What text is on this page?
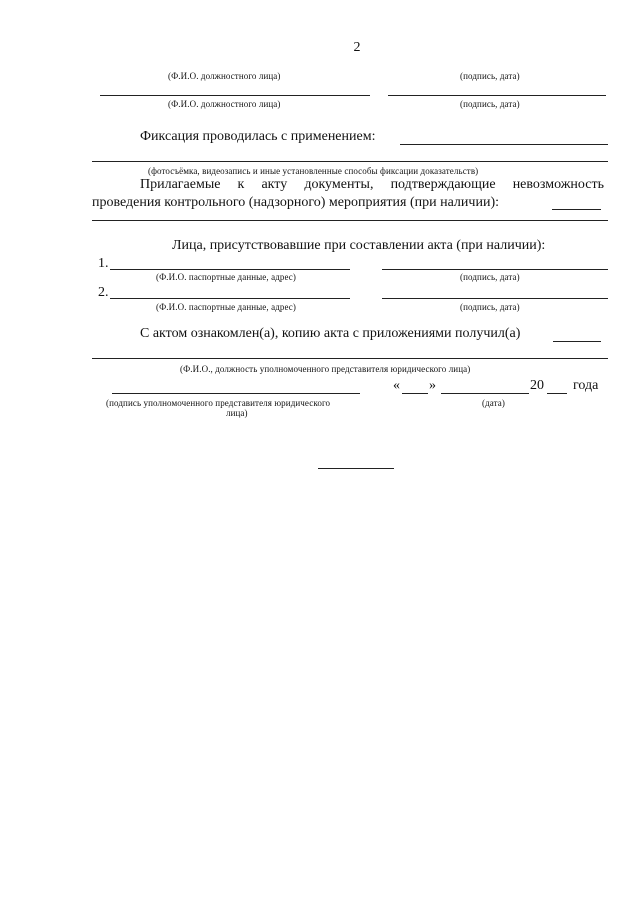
2
(Ф.И.О. должностного лица)	(подпись, дата)
(Ф.И.О. должностного лица)	(подпись, дата)
Фиксация проводилась с применением:
(фотосъёмка, видеозапись и иные установленные способы фиксации доказательств)
Прилагаемые к акту документы, подтверждающие невозможность
проведения контрольного (надзорного) мероприятия (при наличии):
Лица, присутствовавшие при составлении акта (при наличии):
1.
(Ф.И.О. паспортные данные, адрес)	(подпись, дата)
2.
(Ф.И.О. паспортные данные, адрес)	(подпись, дата)
С актом ознакомлен(а), копию акта с приложениями получил(а)
(Ф.И.О., должность уполномоченного представителя юридического лица)
(подпись уполномоченного представителя юридического
лица)
« »	20 года
(дата)
